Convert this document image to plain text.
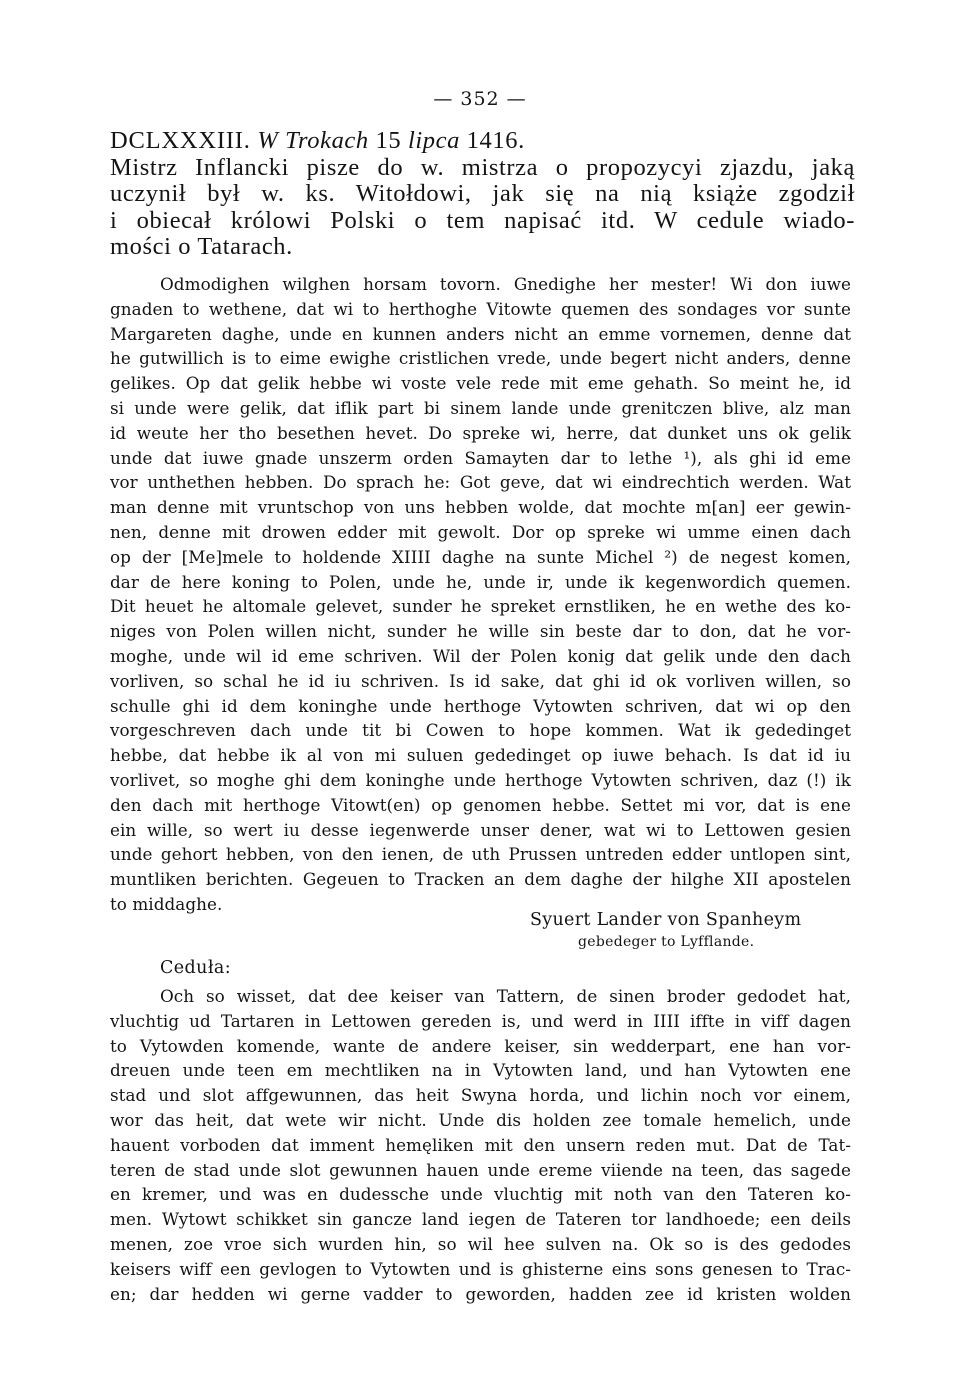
— 352 —
DCLXXXIII. W Trokach 15 lipca 1416.
Mistrz Inflancki pisze do w. mistrza o propozycyi zjazdu, jaką
uczynił był w. ks. Witołdowi, jak się na nią książe zgodził
i obiecał królowi Polski o tem napisać itd. W cedule wiado-
mości o Tatarach.
Odmodighen wilghen horsam tovorn. Gnedighe her mester! Wi don iuwe
gnaden to wethene, dat wi to herthoghe Vitowte quemen des sondages vor sunte
Margareten daghe, unde en kunnen anders nicht an emme vornemen, denne dat
he gutwillich is to eime ewighe cristlichen vrede, unde begert nicht anders, denne
gelikes. Op dat gelik hebbe wi voste vele rede mit eme gehath. So meint he, id
si unde were gelik, dat iflik part bi sinem lande unde grenitczen blive, alz man
id weute her tho besethen hevet. Do spreke wi, herre, dat dunket uns ok gelik
unde dat iuwe gnade unszerm orden Samayten dar to lethe ¹), als ghi id eme
vor unthethen hebben. Do sprach he: Got geve, dat wi eindrechtich werden. Wat
man denne mit vruntschop von uns hebben wolde, dat mochte m[an] eer gewin-
nen, denne mit drowen edder mit gewolt. Dor op spreke wi umme einen dach
op der [Me]mele to holdende XIIII daghe na sunte Michel ²) de negest komen,
dar de here koning to Polen, unde he, unde ir, unde ik kegenwordich quemen.
Dit heuet he altomale gelevet, sunder he spreket ernstliken, he en wethe des ko-
niges von Polen willen nicht, sunder he wille sin beste dar to don, dat he vor-
moghe, unde wil id eme schriven. Wil der Polen konig dat gelik unde den dach
vorliven, so schal he id iu schriven. Is id sake, dat ghi id ok vorliven willen, so
schulle ghi id dem koninghe unde herthoge Vytowten schriven, dat wi op den
vorgeschreven dach unde tit bi Cowen to hope kommen. Wat ik gededinget
hebbe, dat hebbe ik al von mi suluen gededinget op iuwe behach. Is dat id iu
vorlivet, so moghe ghi dem koninghe unde herthoge Vytowten schriven, daz (!) ik
den dach mit herthoge Vitowt(en) op genomen hebbe. Settet mi vor, dat is ene
ein wille, so wert iu desse iegenwerde unser dener, wat wi to Lettowen gesien
unde gehort hebben, von den ienen, de uth Prussen untreden edder untlopen sint,
muntliken berichten. Gegeuen to Tracken an dem daghe der hilghe XII apostelen
to middaghe.
Syuert Lander von Spanheym
gebedeger to Lyfflande.
Ceduła:
Och so wisset, dat dee keiser van Tattern, de sinen broder gedodet hat,
vluchtig ud Tartaren in Lettowen gereden is, und werd in IIII iffte in viff dagen
to Vytowden komende, wante de andere keiser, sin wedderpart, ene han vor-
dreuen unde teen em mechtliken na in Vytowten land, und han Vytowten ene
stad und slot affgewunnen, das heit Swyna horda, und lichin noch vor einem,
wor das heit, dat wete wir nicht. Unde dis holden zee tomale hemelich, unde
hauent vorboden dat imment hemęliken mit den unsern reden mut. Dat de Tat-
teren de stad unde slot gewunnen hauen unde ereme viiende na teen, das sagede
en kremer, und was en dudessche unde vluchtig mit noth van den Tateren ko-
men. Wytowt schikket sin gancze land iegen de Tateren tor landhoede; een deils
menen, zoe vroe sich wurden hin, so wil hee sulven na. Ok so is des gedodes
keisers wiff een gevlogen to Vytowten und is ghisterne eins sons genesen to Trac-
en; dar hedden wi gerne vadder to geworden, hadden zee id kristen wolden
